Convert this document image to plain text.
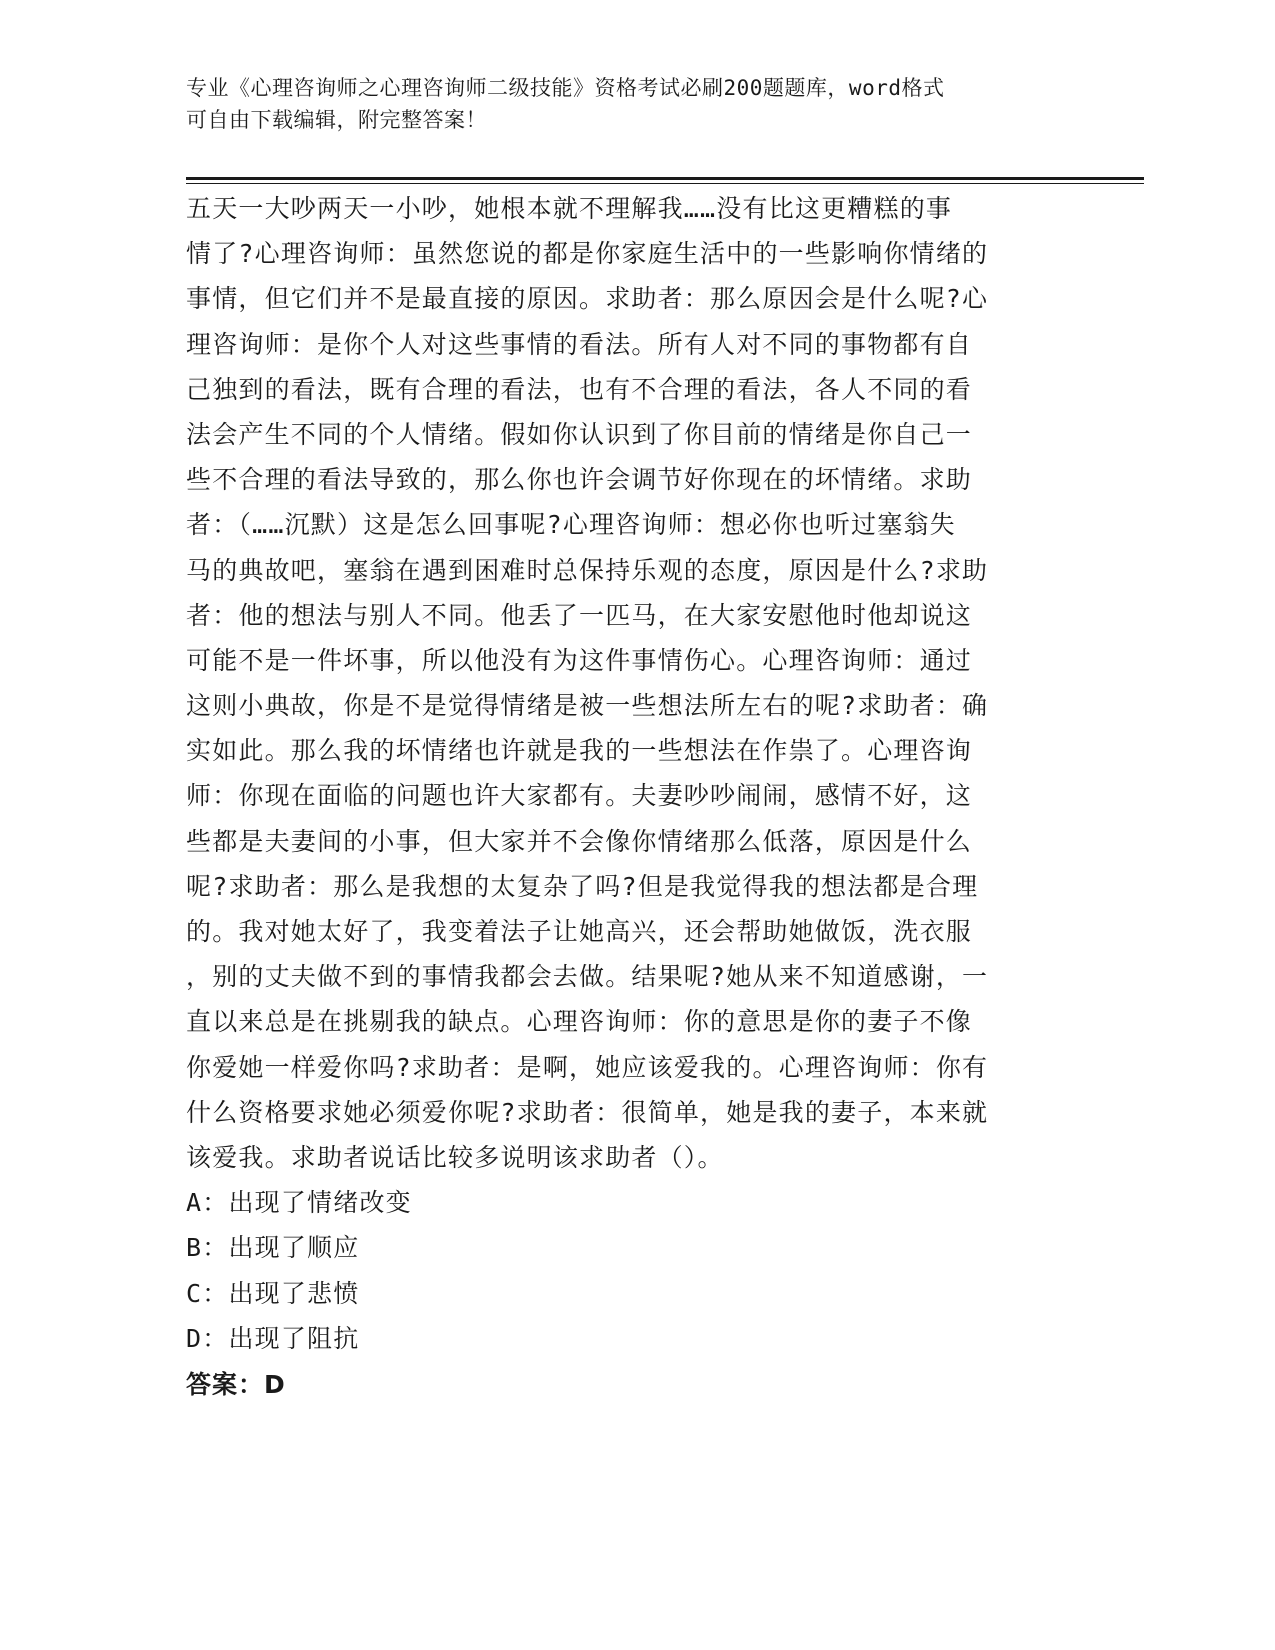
专业《心理咨询师之心理咨询师二级技能》资格考试必刷200题题库，word格式
可自由下载编辑，附完整答案！
五天一大吵两天一小吵，她根本就不理解我……没有比这更糟糕的事
情了?心理咨询师：虽然您说的都是你家庭生活中的一些影响你情绪的
事情，但它们并不是最直接的原因。求助者：那么原因会是什么呢?心
理咨询师：是你个人对这些事情的看法。所有人对不同的事物都有自
己独到的看法，既有合理的看法，也有不合理的看法，各人不同的看
法会产生不同的个人情绪。假如你认识到了你目前的情绪是你自己一
些不合理的看法导致的，那么你也许会调节好你现在的坏情绪。求助
者：（……沉默）这是怎么回事呢?心理咨询师：想必你也听过塞翁失
马的典故吧，塞翁在遇到困难时总保持乐观的态度，原因是什么?求助
者：他的想法与别人不同。他丢了一匹马，在大家安慰他时他却说这
可能不是一件坏事，所以他没有为这件事情伤心。心理咨询师：通过
这则小典故，你是不是觉得情绪是被一些想法所左右的呢?求助者：确
实如此。那么我的坏情绪也许就是我的一些想法在作祟了。心理咨询
师：你现在面临的问题也许大家都有。夫妻吵吵闹闹，感情不好，这
些都是夫妻间的小事，但大家并不会像你情绪那么低落，原因是什么
呢?求助者：那么是我想的太复杂了吗?但是我觉得我的想法都是合理
的。我对她太好了，我变着法子让她高兴，还会帮助她做饭，洗衣服
，别的丈夫做不到的事情我都会去做。结果呢?她从来不知道感谢，一
直以来总是在挑剔我的缺点。心理咨询师：你的意思是你的妻子不像
你爱她一样爱你吗?求助者：是啊，她应该爱我的。心理咨询师：你有
什么资格要求她必须爱你呢?求助者：很简单，她是我的妻子，本来就
该爱我。求助者说话比较多说明该求助者（）。
A：出现了情绪改变
B：出现了顺应
C：出现了悲愤
D：出现了阻抗
答案：D
